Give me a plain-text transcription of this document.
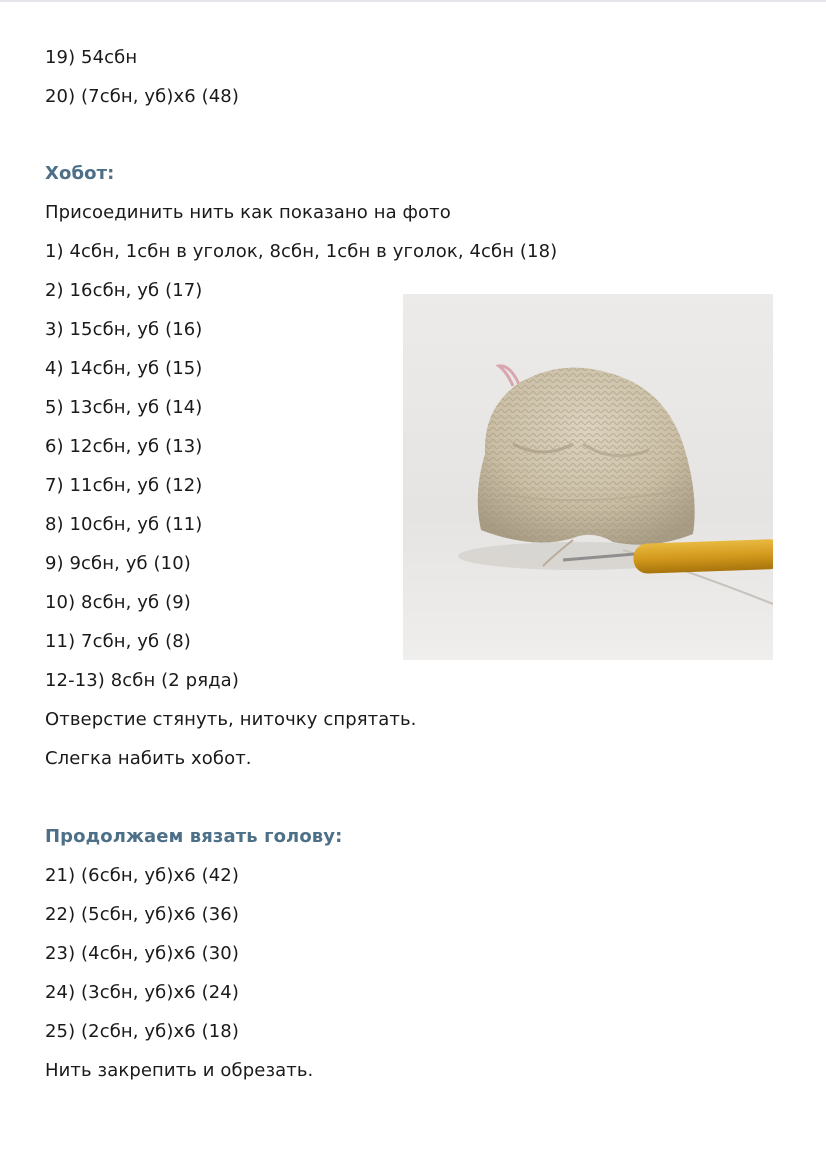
19) 54сбн
20) (7сбн, уб)х6 (48)
Хобот:
Присоединить нить как показано на фото
1) 4сбн, 1сбн в уголок, 8сбн, 1сбн в уголок, 4сбн (18)
2) 16сбн, уб (17)
3) 15сбн, уб (16)
4) 14сбн, уб (15)
5) 13сбн, уб (14)
6) 12сбн, уб (13)
7) 11сбн, уб (12)
8) 10сбн, уб (11)
9) 9сбн, уб (10)
10) 8сбн, уб (9)
11) 7сбн, уб (8)
12-13) 8сбн (2 ряда)
Отверстие стянуть, ниточку спрятать.
Слегка набить хобот.
Продолжаем вязать голову:
21) (6сбн, уб)х6 (42)
22) (5сбн, уб)х6 (36)
23) (4сбн, уб)х6 (30)
24) (3сбн, уб)х6 (24)
25) (2сбн, уб)х6 (18)
Нить закрепить и обрезать.
